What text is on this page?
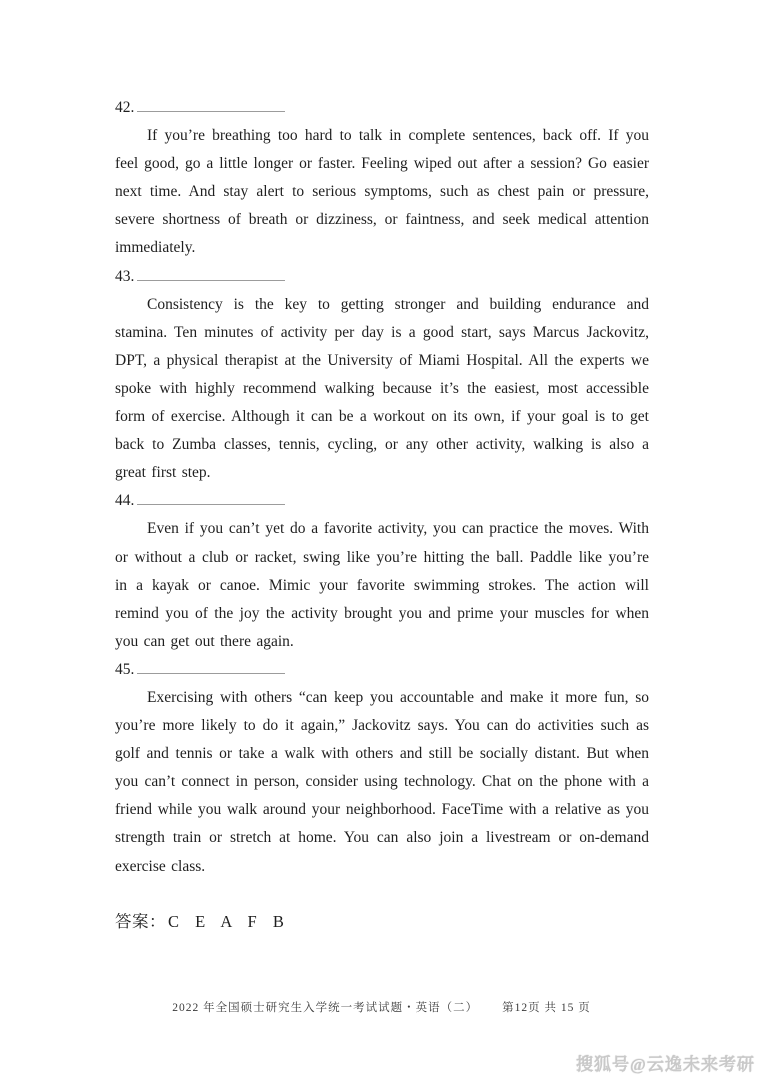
42.

If you’re breathing too hard to talk in complete sentences, back off. If you feel good, go a little longer or faster. Feeling wiped out after a session? Go easier next time. And stay alert to serious symptoms, such as chest pain or pressure, severe shortness of breath or dizziness, or faintness, and seek medical attention immediately.

43.

Consistency is the key to getting stronger and building endurance and stamina. Ten minutes of activity per day is a good start, says Marcus Jackovitz, DPT, a physical therapist at the University of Miami Hospital. All the experts we spoke with highly recommend walking because it’s the easiest, most accessible form of exercise. Although it can be a workout on its own, if your goal is to get back to Zumba classes, tennis, cycling, or any other activity, walking is also a great first step.

44.

Even if you can’t yet do a favorite activity, you can practice the moves. With or without a club or racket, swing like you’re hitting the ball. Paddle like you’re in a kayak or canoe. Mimic your favorite swimming strokes. The action will remind you of the joy the activity brought you and prime your muscles for when you can get out there again.

45.

Exercising with others “can keep you accountable and make it more fun, so you’re more likely to do it again,” Jackovitz says. You can do activities such as golf and tennis or take a walk with others and still be socially distant. But when you can’t connect in person, consider using technology. Chat on the phone with a friend while you walk around your neighborhood. FaceTime with a relative as you strength train or stretch at home. You can also join a livestream or on-demand exercise class.

答案： C E A F B
2022 年全国硕士研究生入学统一考试试题・英语（二） 第12页 共 15 页
搜狐号@云逸未来考研
